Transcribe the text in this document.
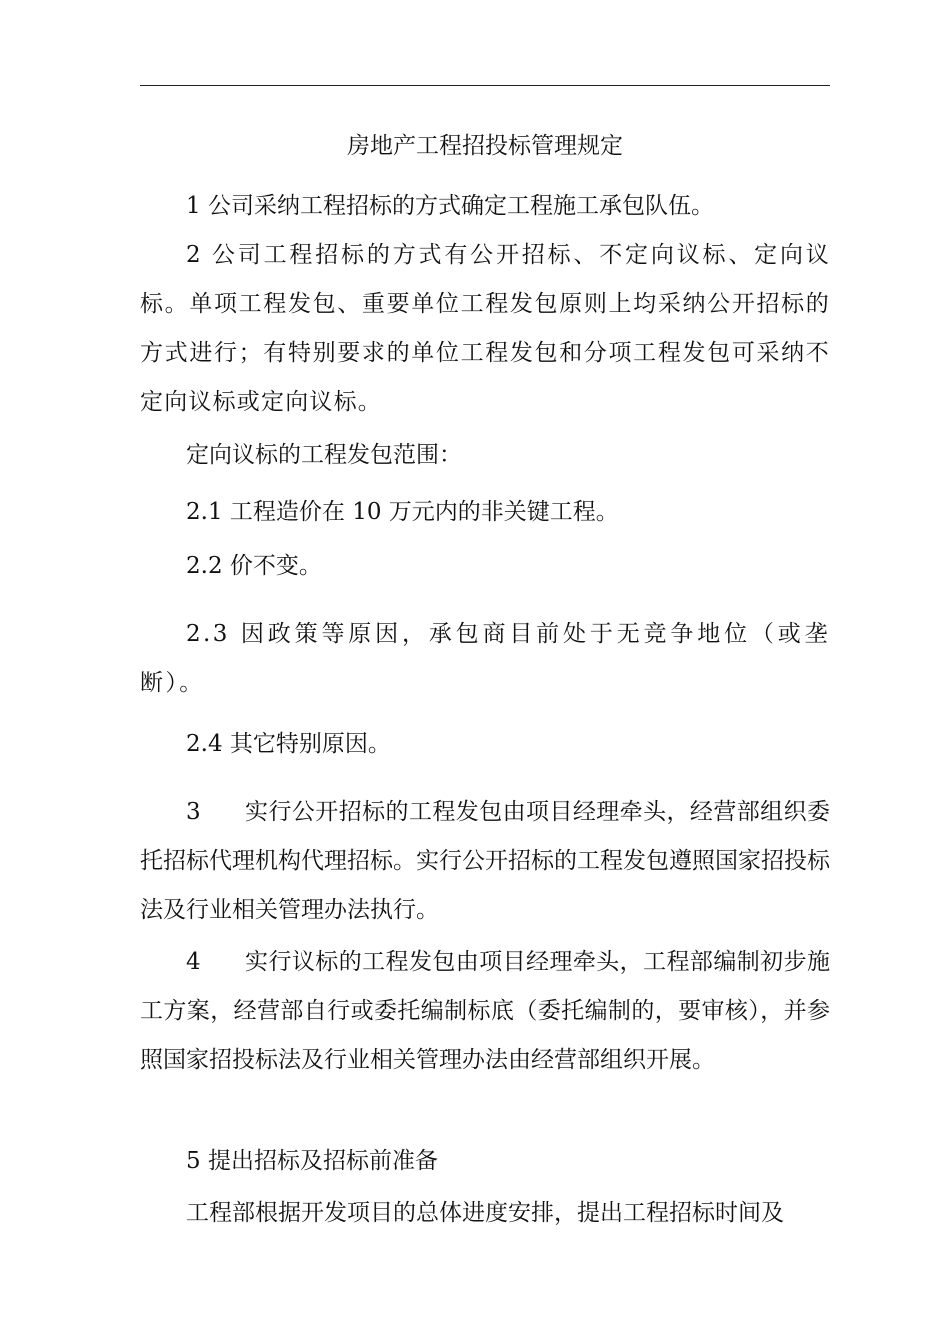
房地产工程招投标管理规定

1 公司采纳工程招标的方式确定工程施工承包队伍。

2 公司工程招标的方式有公开招标、不定向议标、定向议标。单项工程发包、重要单位工程发包原则上均采纳公开招标的方式进行；有特别要求的单位工程发包和分项工程发包可采纳不定向议标或定向议标。

定向议标的工程发包范围：

2.1 工程造价在 10 万元内的非关键工程。

2.2 价不变。

2.3 因政策等原因，承包商目前处于无竞争地位（或垄断）。

2.4 其它特别原因。

3 实行公开招标的工程发包由项目经理牵头，经营部组织委托招标代理机构代理招标。实行公开招标的工程发包遵照国家招投标法及行业相关管理办法执行。

4 实行议标的工程发包由项目经理牵头，工程部编制初步施工方案，经营部自行或委托编制标底（委托编制的，要审核），并参照国家招投标法及行业相关管理办法由经营部组织开展。

5 提出招标及招标前准备

工程部根据开发项目的总体进度安排，提出工程招标时间及
